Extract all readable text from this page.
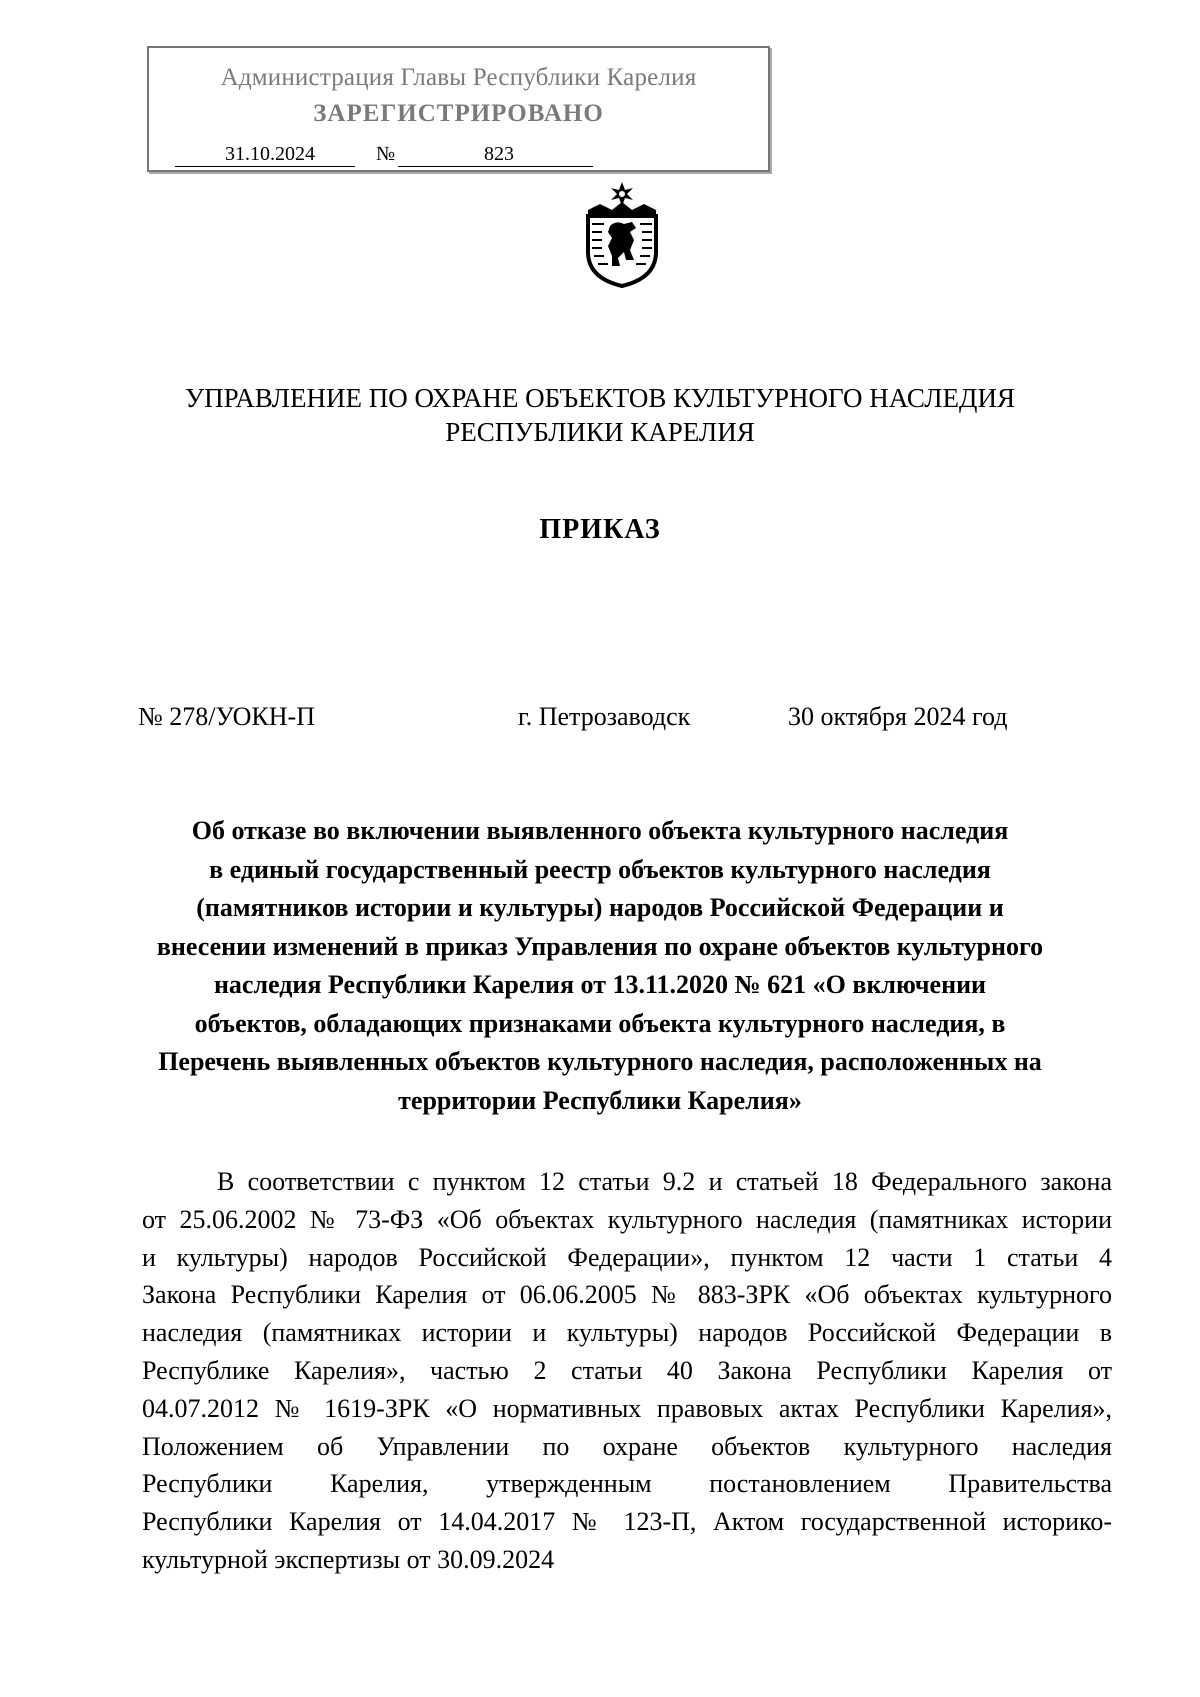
Администрация Главы Республики Карелия
ЗАРЕГИСТРИРОВАНО
31.10.2024	№	823
УПРАВЛЕНИЕ ПО ОХРАНЕ ОБЪЕКТОВ КУЛЬТУРНОГО НАСЛЕДИЯ
РЕСПУБЛИКИ КАРЕЛИЯ
ПРИКАЗ
№ 278/УОКН-П	г. Петрозаводск	30 октября 2024 год
Об отказе во включении выявленного объекта культурного наследия
в единый государственный реестр объектов культурного наследия
(памятников истории и культуры) народов Российской Федерации и
внесении изменений в приказ Управления по охране объектов культурного
наследия Республики Карелия от 13.11.2020 № 621 «О включении
объектов, обладающих признаками объекта культурного наследия, в
Перечень выявленных объектов культурного наследия, расположенных на
территории Республики Карелия»
В соответствии с пунктом 12 статьи 9.2 и статьей 18 Федерального закона
от 25.06.2002 № 73-ФЗ «Об объектах культурного наследия (памятниках истории
и культуры) народов Российской Федерации», пунктом 12 части 1 статьи 4
Закона Республики Карелия от 06.06.2005 № 883-ЗРК «Об объектах культурного
наследия (памятниках истории и культуры) народов Российской Федерации в
Республике Карелия», частью 2 статьи 40 Закона Республики Карелия от
04.07.2012 № 1619-ЗРК «О нормативных правовых актах Республики Карелия»,
Положением об Управлении по охране объектов культурного наследия
Республики Карелия, утвержденным постановлением Правительства
Республики Карелия от 14.04.2017 № 123-П, Актом государственной историко-
культурной экспертизы от 30.09.2024
